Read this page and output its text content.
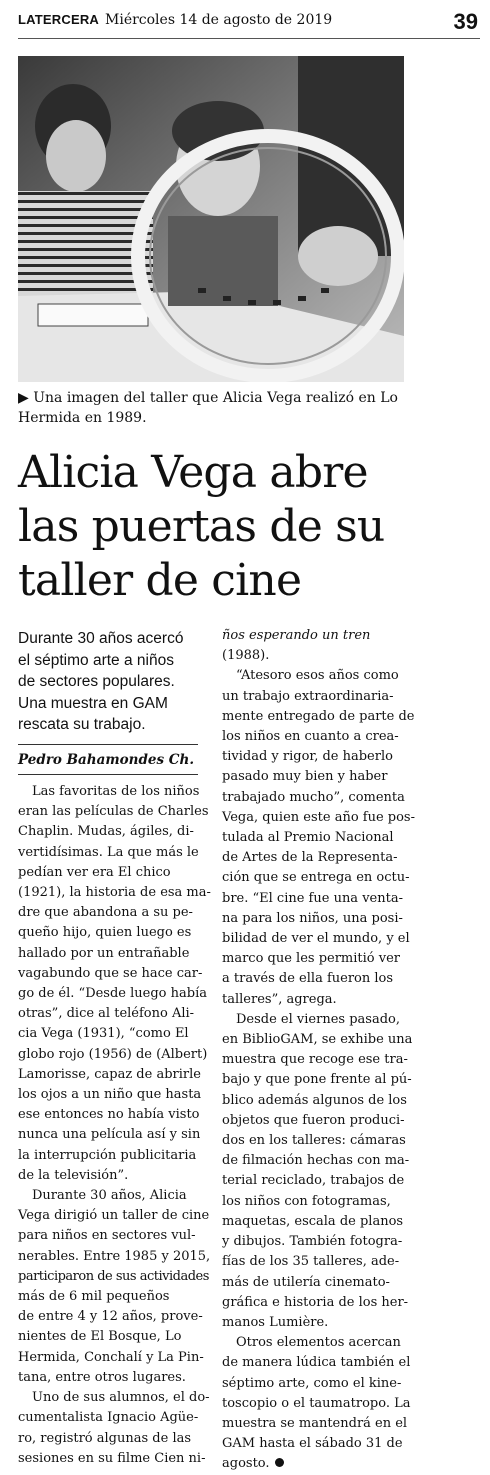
LATERCERA Miércoles 14 de agosto de 2019	39
▶ Una imagen del taller que Alicia Vega realizó en Lo
Hermida en 1989.
Alicia Vega abre
las puertas de su
taller de cine
Durante 30 años acercó
el séptimo arte a niños
de sectores populares.
Una muestra en GAM
rescata su trabajo.
Pedro Bahamondes Ch.
Las favoritas de los niños
eran las películas de Charles
Chaplin. Mudas, ágiles, di-
vertidísimas. La que más le
pedían ver era El chico
(1921), la historia de esa ma-
dre que abandona a su pe-
queño hijo, quien luego es
hallado por un entrañable
vagabundo que se hace car-
go de él. “Desde luego había
otras”, dice al teléfono Ali-
cia Vega (1931), “como El
globo rojo (1956) de (Albert)
Lamorisse, capaz de abrirle
los ojos a un niño que hasta
ese entonces no había visto
nunca una película así y sin
la interrupción publicitaria
de la televisión”.
Durante 30 años, Alicia
Vega dirigió un taller de cine
para niños en sectores vul-
nerables. Entre 1985 y 2015,
participaron de sus actividades
más de 6 mil pequeños
de entre 4 y 12 años, prove-
nientes de El Bosque, Lo
Hermida, Conchalí y La Pin-
tana, entre otros lugares.
Uno de sus alumnos, el do-
cumentalista Ignacio Agüe-
ro, registró algunas de las
sesiones en su filme Cien ni-
ños esperando un tren
(1988).
“Atesoro esos años como
un trabajo extraordinaria-
mente entregado de parte de
los niños en cuanto a crea-
tividad y rigor, de haberlo
pasado muy bien y haber
trabajado mucho”, comenta
Vega, quien este año fue pos-
tulada al Premio Nacional
de Artes de la Representa-
ción que se entrega en octu-
bre. “El cine fue una venta-
na para los niños, una posi-
bilidad de ver el mundo, y el
marco que les permitió ver
a través de ella fueron los
talleres”, agrega.
Desde el viernes pasado,
en BiblioGAM, se exhibe una
muestra que recoge ese tra-
bajo y que pone frente al pú-
blico además algunos de los
objetos que fueron produci-
dos en los talleres: cámaras
de filmación hechas con ma-
terial reciclado, trabajos de
los niños con fotogramas,
maquetas, escala de planos
y dibujos. También fotogra-
fías de los 35 talleres, ade-
más de utilería cinemato-
gráfica e historia de los her-
manos Lumière.
Otros elementos acercan
de manera lúdica también el
séptimo arte, como el kine-
toscopio o el taumatropo. La
muestra se mantendrá en el
GAM hasta el sábado 31 de
agosto.
